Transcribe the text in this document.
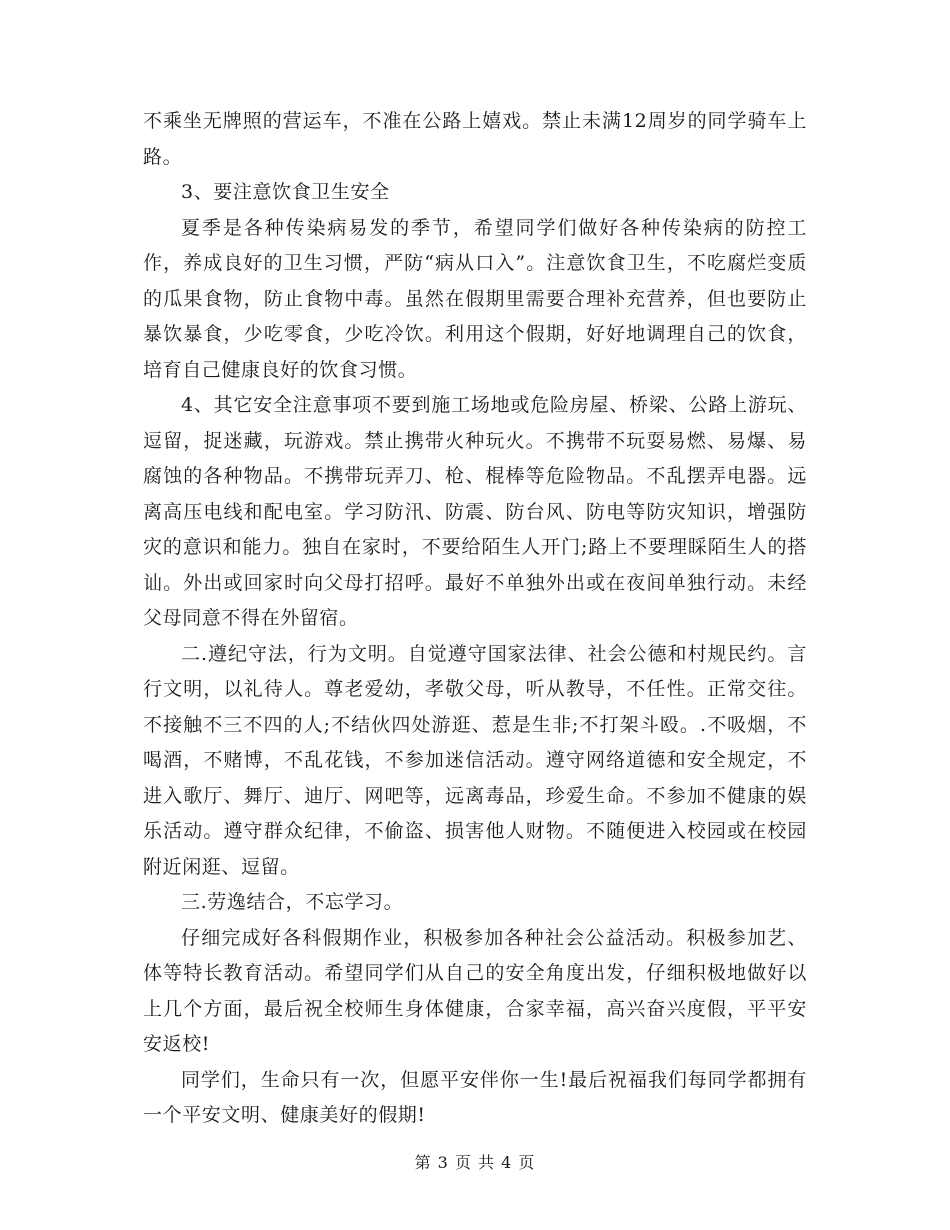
不乘坐无牌照的营运车，不准在公路上嬉戏。禁止未满12周岁的同学骑车上路。

3、要注意饮食卫生安全

夏季是各种传染病易发的季节，希望同学们做好各种传染病的防控工作，养成良好的卫生习惯，严防“病从口入”。注意饮食卫生，不吃腐烂变质的瓜果食物，防止食物中毒。虽然在假期里需要合理补充营养，但也要防止暴饮暴食，少吃零食，少吃冷饮。利用这个假期，好好地调理自己的饮食，培育自己健康良好的饮食习惯。

4、其它安全注意事项不要到施工场地或危险房屋、桥梁、公路上游玩、逗留，捉迷藏，玩游戏。禁止携带火种玩火。不携带不玩耍易燃、易爆、易腐蚀的各种物品。不携带玩弄刀、枪、棍棒等危险物品。不乱摆弄电器。远离高压电线和配电室。学习防汛、防震、防台风、防电等防灾知识，增强防灾的意识和能力。独自在家时，不要给陌生人开门;路上不要理睬陌生人的搭讪。外出或回家时向父母打招呼。最好不单独外出或在夜间单独行动。未经父母同意不得在外留宿。

二.遵纪守法，行为文明。自觉遵守国家法律、社会公德和村规民约。言行文明，以礼待人。尊老爱幼，孝敬父母，听从教导，不任性。正常交往。不接触不三不四的人;不结伙四处游逛、惹是生非;不打架斗殴。.不吸烟，不喝酒，不赌博，不乱花钱，不参加迷信活动。遵守网络道德和安全规定，不进入歌厅、舞厅、迪厅、网吧等，远离毒品，珍爱生命。不参加不健康的娱乐活动。遵守群众纪律，不偷盗、损害他人财物。不随便进入校园或在校园附近闲逛、逗留。

三.劳逸结合，不忘学习。

仔细完成好各科假期作业，积极参加各种社会公益活动。积极参加艺、体等特长教育活动。希望同学们从自己的安全角度出发，仔细积极地做好以上几个方面，最后祝全校师生身体健康，合家幸福，高兴奋兴度假，平平安安返校!

同学们，生命只有一次，但愿平安伴你一生!最后祝福我们每同学都拥有一个平安文明、健康美好的假期!

第 3 页 共 4 页
